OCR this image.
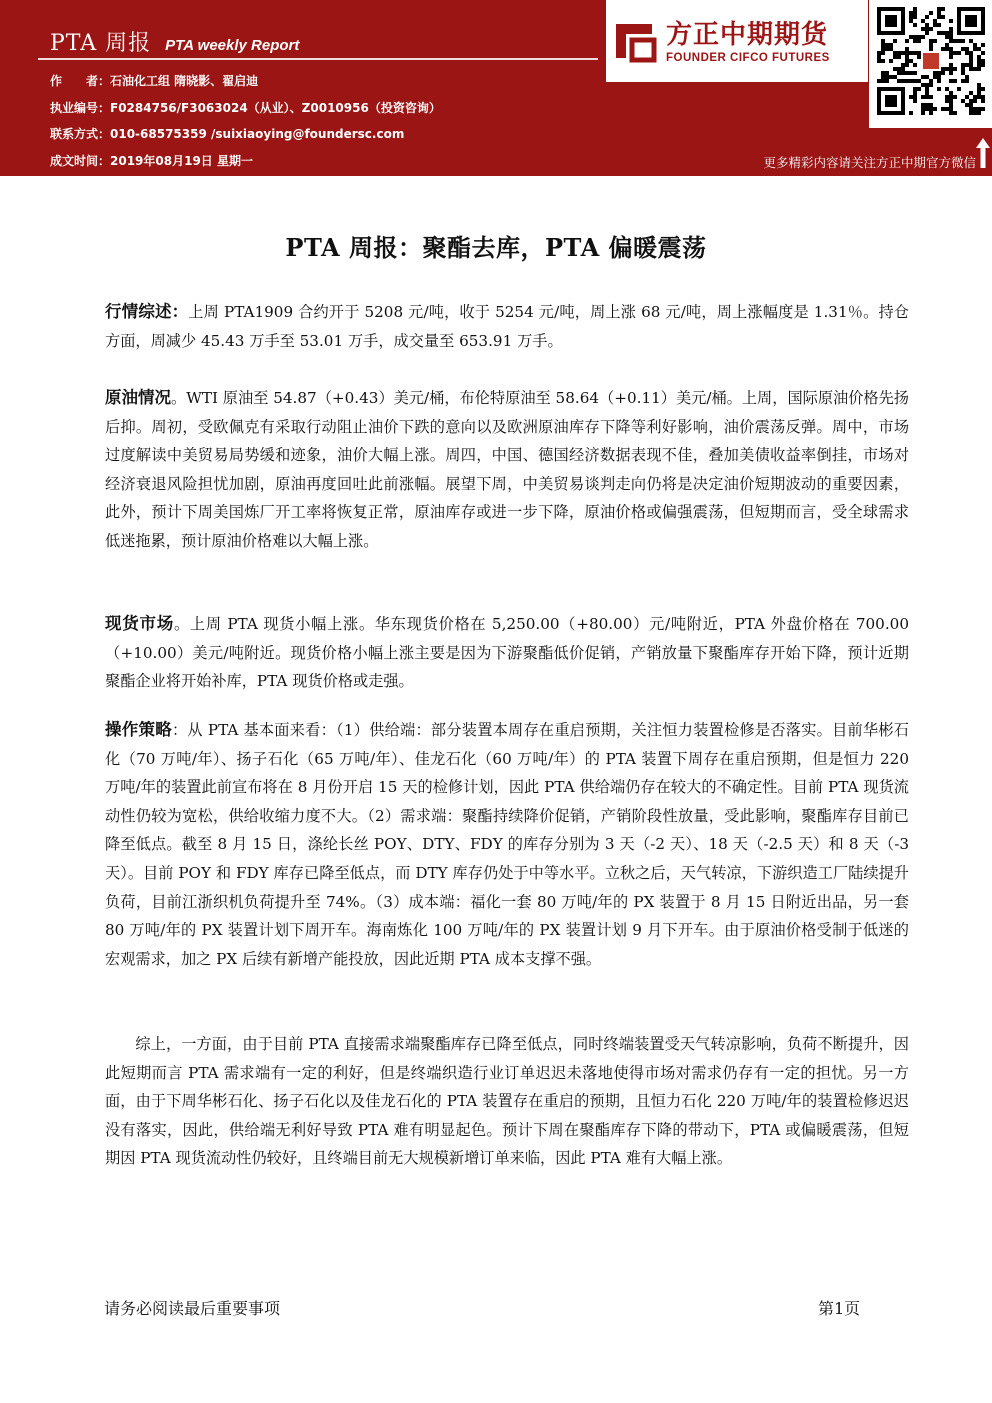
PTA 周报 PTA weekly Report
作　　者：石油化工组 隋晓影、翟启迪
执业编号：F0284756/F3063024（从业）、Z0010956（投资咨询）
联系方式：010-68575359 /suixiaoying@foundersc.com
成文时间：2019年08月19日 星期一
方正中期期货
FOUNDER CIFCO FUTURES
更多精彩内容请关注方正中期官方微信
PTA 周报：聚酯去库，PTA 偏暖震荡

行情综述：上周 PTA1909 合约开于 5208 元/吨，收于 5254 元/吨，周上涨 68 元/吨，周上涨幅度是 1.31％。持仓方面，周减少 45.43 万手至 53.01 万手，成交量至 653.91 万手。

原油情况。WTI 原油至 54.87（+0.43）美元/桶，布伦特原油至 58.64（+0.11）美元/桶。上周，国际原油价格先扬后抑。周初，受欧佩克有采取行动阻止油价下跌的意向以及欧洲原油库存下降等利好影响，油价震荡反弹。周中，市场过度解读中美贸易局势缓和迹象，油价大幅上涨。周四，中国、德国经济数据表现不佳，叠加美债收益率倒挂，市场对经济衰退风险担忧加剧，原油再度回吐此前涨幅。展望下周，中美贸易谈判走向仍将是决定油价短期波动的重要因素，此外，预计下周美国炼厂开工率将恢复正常，原油库存或进一步下降，原油价格或偏强震荡，但短期而言，受全球需求低迷拖累，预计原油价格难以大幅上涨。

现货市场。上周 PTA 现货小幅上涨。华东现货价格在 5,250.00（+80.00）元/吨附近，PTA 外盘价格在 700.00（+10.00）美元/吨附近。现货价格小幅上涨主要是因为下游聚酯低价促销，产销放量下聚酯库存开始下降，预计近期聚酯企业将开始补库，PTA 现货价格或走强。

操作策略：从 PTA 基本面来看：（1）供给端：部分装置本周存在重启预期，关注恒力装置检修是否落实。目前华彬石化（70 万吨/年）、扬子石化（65 万吨/年）、佳龙石化（60 万吨/年）的 PTA 装置下周存在重启预期，但是恒力 220 万吨/年的装置此前宣布将在 8 月份开启 15 天的检修计划，因此 PTA 供给端仍存在较大的不确定性。目前 PTA 现货流动性仍较为宽松，供给收缩力度不大。（2）需求端：聚酯持续降价促销，产销阶段性放量，受此影响，聚酯库存目前已降至低点。截至 8 月 15 日，涤纶长丝 POY、DTY、FDY 的库存分别为 3 天（-2 天）、18 天（-2.5 天）和 8 天（-3 天）。目前 POY 和 FDY 库存已降至低点，而 DTY 库存仍处于中等水平。立秋之后，天气转凉，下游织造工厂陆续提升负荷，目前江浙织机负荷提升至 74%。（3）成本端：福化一套 80 万吨/年的 PX 装置于 8 月 15 日附近出品，另一套 80 万吨/年的 PX 装置计划下周开车。海南炼化 100 万吨/年的 PX 装置计划 9 月下开车。由于原油价格受制于低迷的宏观需求，加之 PX 后续有新增产能投放，因此近期 PTA 成本支撑不强。

综上，一方面，由于目前 PTA 直接需求端聚酯库存已降至低点，同时终端装置受天气转凉影响，负荷不断提升，因此短期而言 PTA 需求端有一定的利好，但是终端织造行业订单迟迟未落地使得市场对需求仍存有一定的担忧。另一方面，由于下周华彬石化、扬子石化以及佳龙石化的 PTA 装置存在重启的预期，且恒力石化 220 万吨/年的装置检修迟迟没有落实，因此，供给端无利好导致 PTA 难有明显起色。预计下周在聚酯库存下降的带动下，PTA 或偏暖震荡，但短期因 PTA 现货流动性仍较好，且终端目前无大规模新增订单来临，因此 PTA 难有大幅上涨。

请务必阅读最后重要事项	第1页
